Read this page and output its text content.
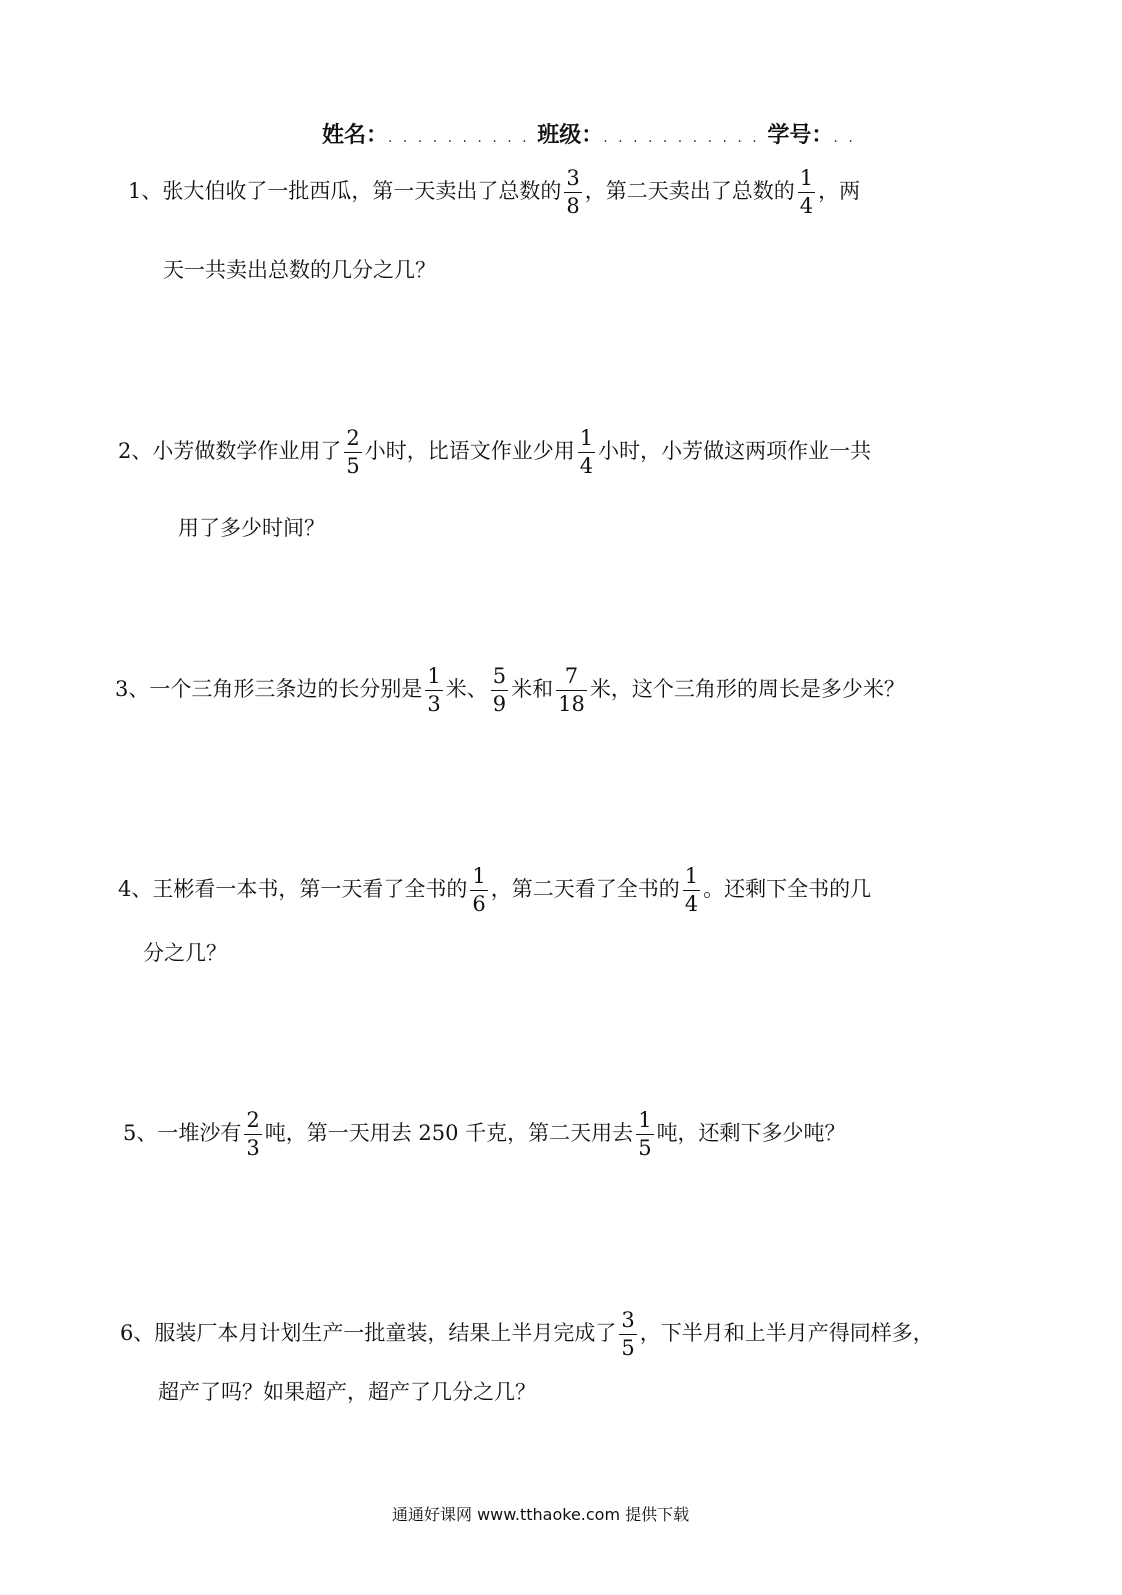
姓名：. . . . . . . . . . 班级：. . . . . . . . . . . 学号：. .
1、张大伯收了一批西瓜，第一天卖出了总数的 $\frac{3}{8}$ ，第二天卖出了总数的 $\frac{1}{4}$ ，两
天一共卖出总数的几分之几？
2、小芳做数学作业用了 $\frac{2}{5}$ 小时，比语文作业少用 $\frac{1}{4}$ 小时，小芳做这两项作业一共
用了多少时间？
3、一个三角形三条边的长分别是 $\frac{1}{3}$ 米、 $\frac{5}{9}$ 米和 $\frac{7}{18}$ 米，这个三角形的周长是多少米？
4、王彬看一本书，第一天看了全书的 $\frac{1}{6}$ ，第二天看了全书的 $\frac{1}{4}$ 。还剩下全书的几
分之几？
5、一堆沙有 $\frac{2}{3}$ 吨，第一天用去 250 千克，第二天用去 $\frac{1}{5}$ 吨，还剩下多少吨？
6、服装厂本月计划生产一批童装，结果上半月完成了 $\frac{3}{5}$ ，下半月和上半月产得同样多，
超产了吗？如果超产，超产了几分之几？
通通好课网 www.tthaoke.com 提供下载
